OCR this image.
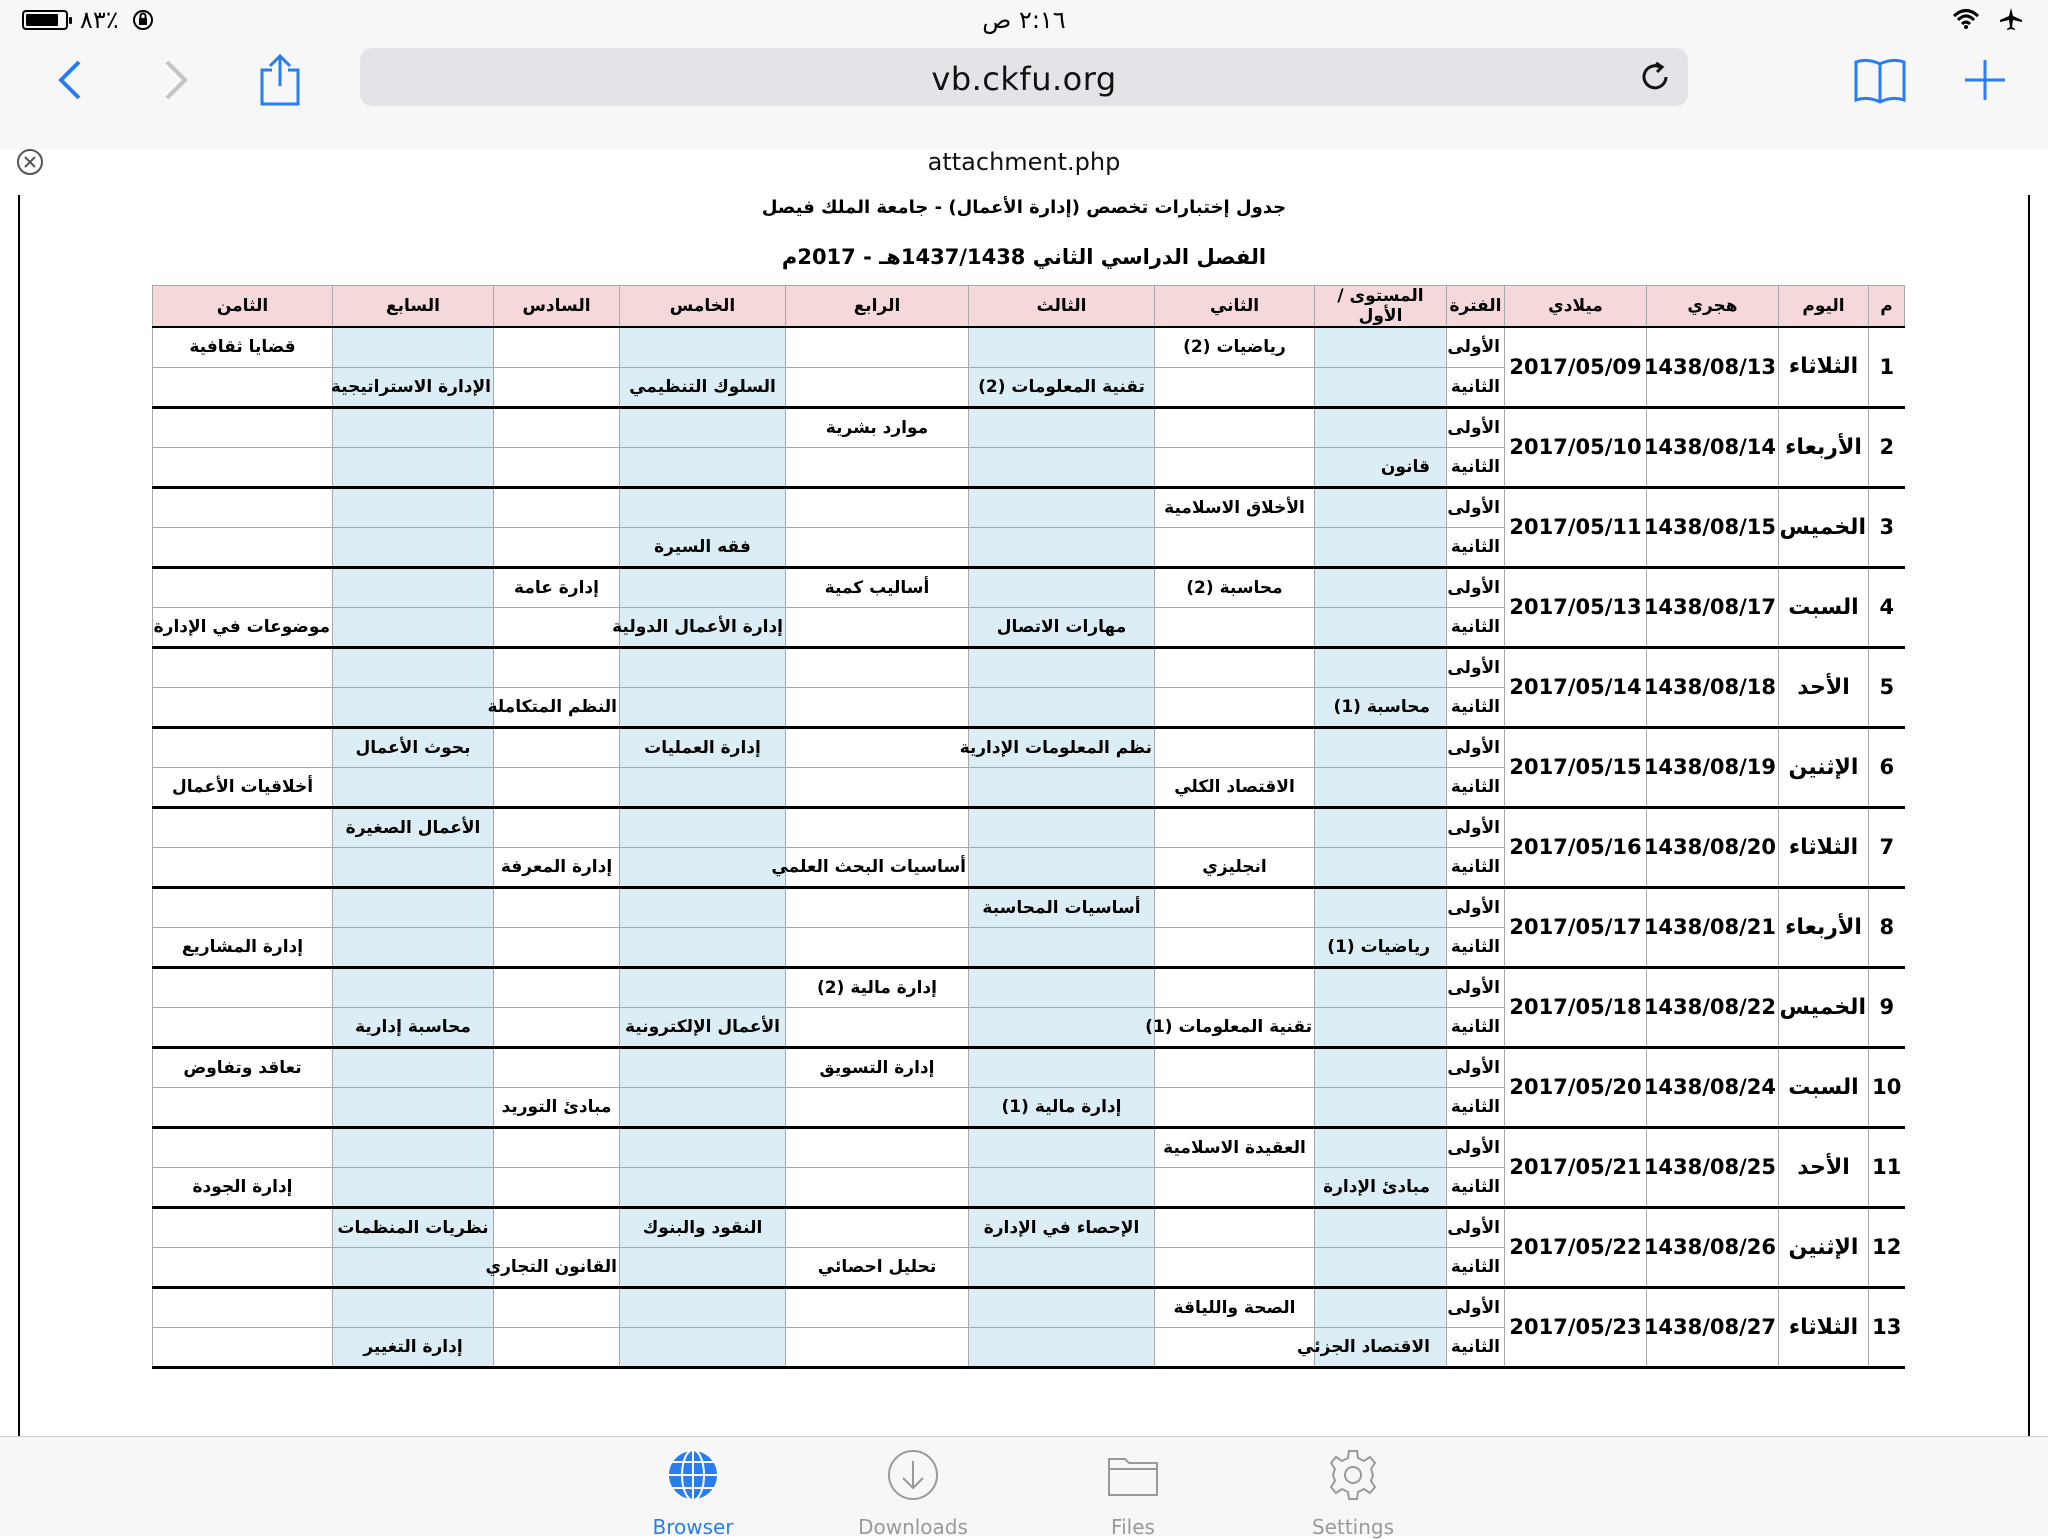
٨٣٪	٢:١٦ ص
vb.ckfu.org
attachment.php
جدول إختبارات تخصص (إدارة الأعمال) - جامعة الملك فيصل
الفصل الدراسي الثاني 1437/1438هـ - 2017م
م	اليوم	هجري	ميلادي	الفترة	المستوى / الأول	الثاني	الثالث	الرابع	الخامس	السادس	السابع	الثامن
1	الثلاثاء	1438/08/13	2017/05/09	الأولى		رياضيات (2)						قضايا ثقافية
				الثانية			تقنية المعلومات (2)		السلوك التنظيمي		الإدارة الاستراتيجية	
2	الأربعاء	1438/08/14	2017/05/10	الأولى				موارد بشرية				
				الثانية	قانون							
3	الخميس	1438/08/15	2017/05/11	الأولى		الأخلاق الاسلامية						
				الثانية					فقه السيرة			
4	السبت	1438/08/17	2017/05/13	الأولى		محاسبة (2)		أساليب كمية		إدارة عامة		
				الثانية			مهارات الاتصال		إدارة الأعمال الدولية			موضوعات في الإدارة
5	الأحد	1438/08/18	2017/05/14	الأولى								
				الثانية	محاسبة (1)					النظم المتكاملة		
6	الإثنين	1438/08/19	2017/05/15	الأولى			نظم المعلومات الإدارية		إدارة العمليات		بحوث الأعمال	
				الثانية		الاقتصاد الكلي						أخلاقيات الأعمال
7	الثلاثاء	1438/08/20	2017/05/16	الأولى							الأعمال الصغيرة	
				الثانية		انجليزي		أساسيات البحث العلمي		إدارة المعرفة		
8	الأربعاء	1438/08/21	2017/05/17	الأولى			أساسيات المحاسبة					
				الثانية	رياضيات (1)							إدارة المشاريع
9	الخميس	1438/08/22	2017/05/18	الأولى				إدارة مالية (2)				
				الثانية		تقنية المعلومات (1)			الأعمال الإلكترونية		محاسبة إدارية	
10	السبت	1438/08/24	2017/05/20	الأولى				إدارة التسويق				تعاقد وتفاوض
				الثانية			إدارة مالية (1)			مبادئ التوريد		
11	الأحد	1438/08/25	2017/05/21	الأولى		العقيدة الاسلامية						
				الثانية	مبادئ الإدارة							إدارة الجودة
12	الإثنين	1438/08/26	2017/05/22	الأولى			الإحصاء في الإدارة		النقود والبنوك		نظريات المنظمات	
				الثانية				تحليل احصائي		القانون التجاري		
13	الثلاثاء	1438/08/27	2017/05/23	الأولى		الصحة واللياقة						
				الثانية	الاقتصاد الجزئي						إدارة التغيير	
Browser	Downloads	Files	Settings
